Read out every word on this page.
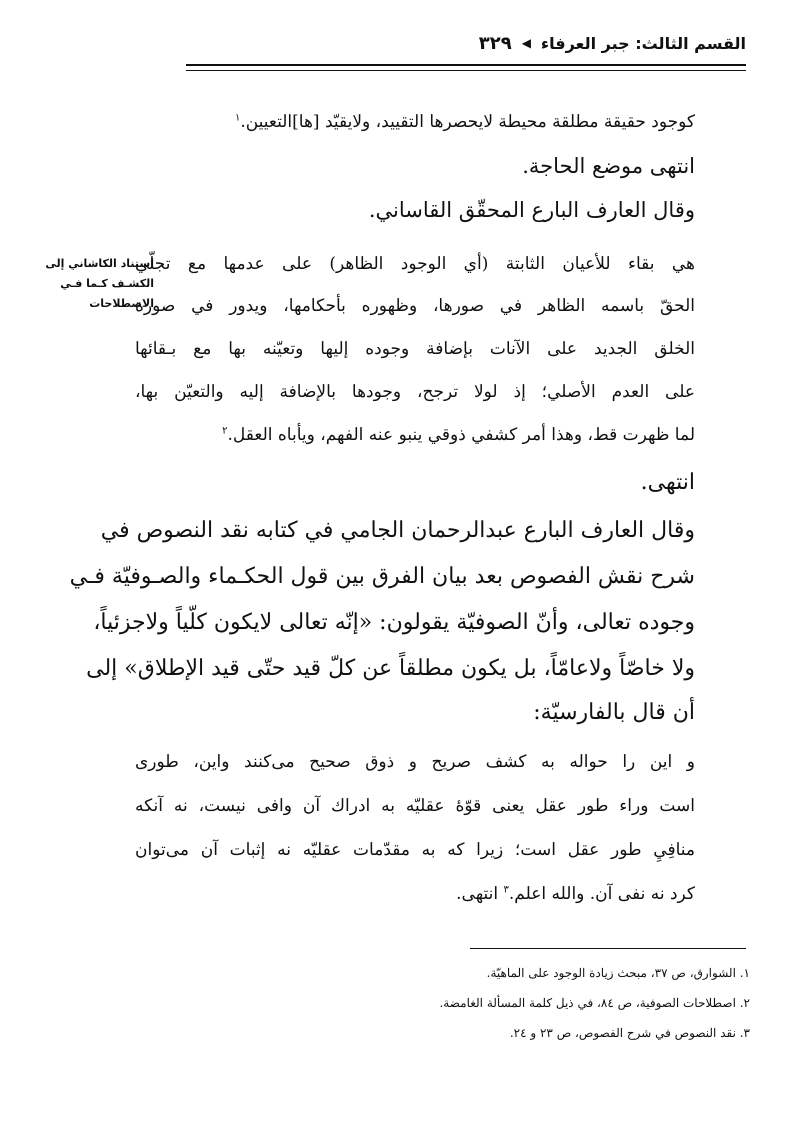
القسم الثالث: جبر العرفاء
◀
٣٢٩
كوجود حقيقة مطلقة محيطة لايحصرها التقييد، ولايقيّد [ها]التعيين.$^١$
انتهى موضع الحاجة.
وقال العارف البارع المحقّق القاساني.
استناد الكاشاني إلى
الكشـف كـما فـي
الاصطلاحات
هي بقاء للأعيان الثابتة (أي الوجود الظاهر) على عدمها مع تجلّي
الحقّ باسمه الظاهر في صورها، وظهوره بأحكامها، ويدور في صورة
الخلق الجديد على الآنات بإضافة وجوده إليها وتعيّنه بها مع بـقائها
على العدم الأصلي؛ إذ لولا ترجح، وجودها بالإضافة إليه والتعيّن بها،
لما ظهرت قط، وهذا أمر كشفي ذوقي ينبو عنه الفهم، ويأباه العقل.$^٢$
انتهى.
وقال العارف البارع عبدالرحمان الجامي في كتابه نقد النصوص في
شرح نقش الفصوص بعد بيان الفرق بين قول الحكـماء والصـوفيّة فـي
وجوده تعالى، وأنّ الصوفيّة يقولون: «إنّه تعالى لايكون كلّياً ولاجزئياً،
ولا خاصّاً ولاعامّاً، بل يكون مطلقاً عن كلّ قيد حتّى قيد الإطلاق» إلى
أن قال بالفارسيّة:
و اين را حواله به كشف صريح و ذوق صحيح مى‌كنند واين، طورى
است وراء طور عقل يعنى قوّهٔ عقليّه به ادراك آن وافى نيست، نه آنكه
منافِيِ طور عقل است؛ زيرا كه به مقدّمات عقليّه نه إثبات آن مى‌توان
كرد نه نفى آن. والله اعلم.$^٣$ انتهى.
١. الشوارق، ص ٣٧، مبحث زيادة الوجود على الماهيّة.
٢. اصطلاحات الصوفية، ص ٨٤، في ذيل كلمة المسألة الغامضة.
٣. نقد النصوص في شرح الفصوص، ص ٢٣ و ٢٤.
